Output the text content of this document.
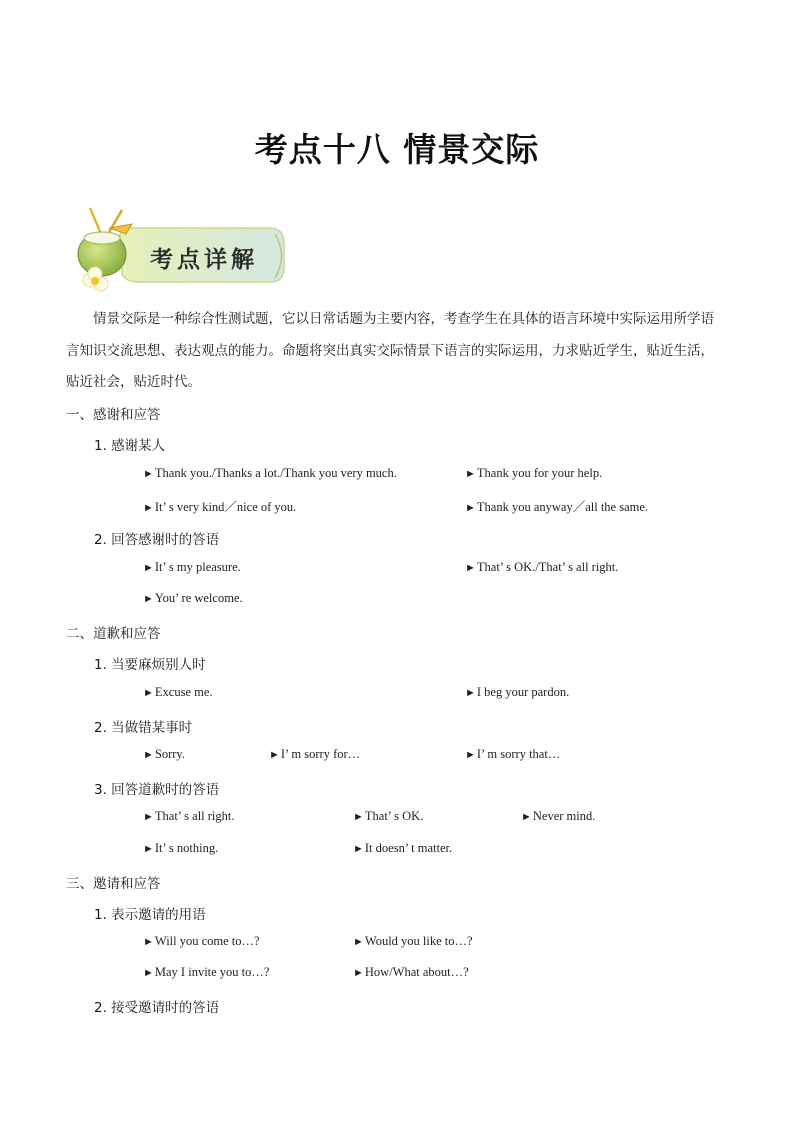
考点十八 情景交际
考点详解
情景交际是一种综合性测试题，它以日常话题为主要内容，考查学生在具体的语言环境中实际运用所学语言知识交流思想、表达观点的能力。命题将突出真实交际情景下语言的实际运用，力求贴近学生，贴近生活，贴近社会，贴近时代。
一、感谢和应答
1. 感谢某人
►Thank you./Thanks a lot./Thank you very much.	►Thank you for your help.
►It’ s very kind／nice of you.	►Thank you anyway／all the same.
2. 回答感谢时的答语
►It’ s my pleasure.	►That’ s OK./That’ s all right.
►You’ re welcome.
二、道歉和应答
1. 当要麻烦别人时
►Excuse me.	►I beg your pardon.
2. 当做错某事时
►Sorry.	►I’ m sorry for…	►I’ m sorry that…
3. 回答道歉时的答语
►That’ s all right.	►That’ s OK.	►Never mind.
►It’ s nothing.	►It doesn’ t matter.
三、邀请和应答
1. 表示邀请的用语
►Will you come to…?	►Would you like to…?
►May I invite you to…?	►How/What about…?
2. 接受邀请时的答语
